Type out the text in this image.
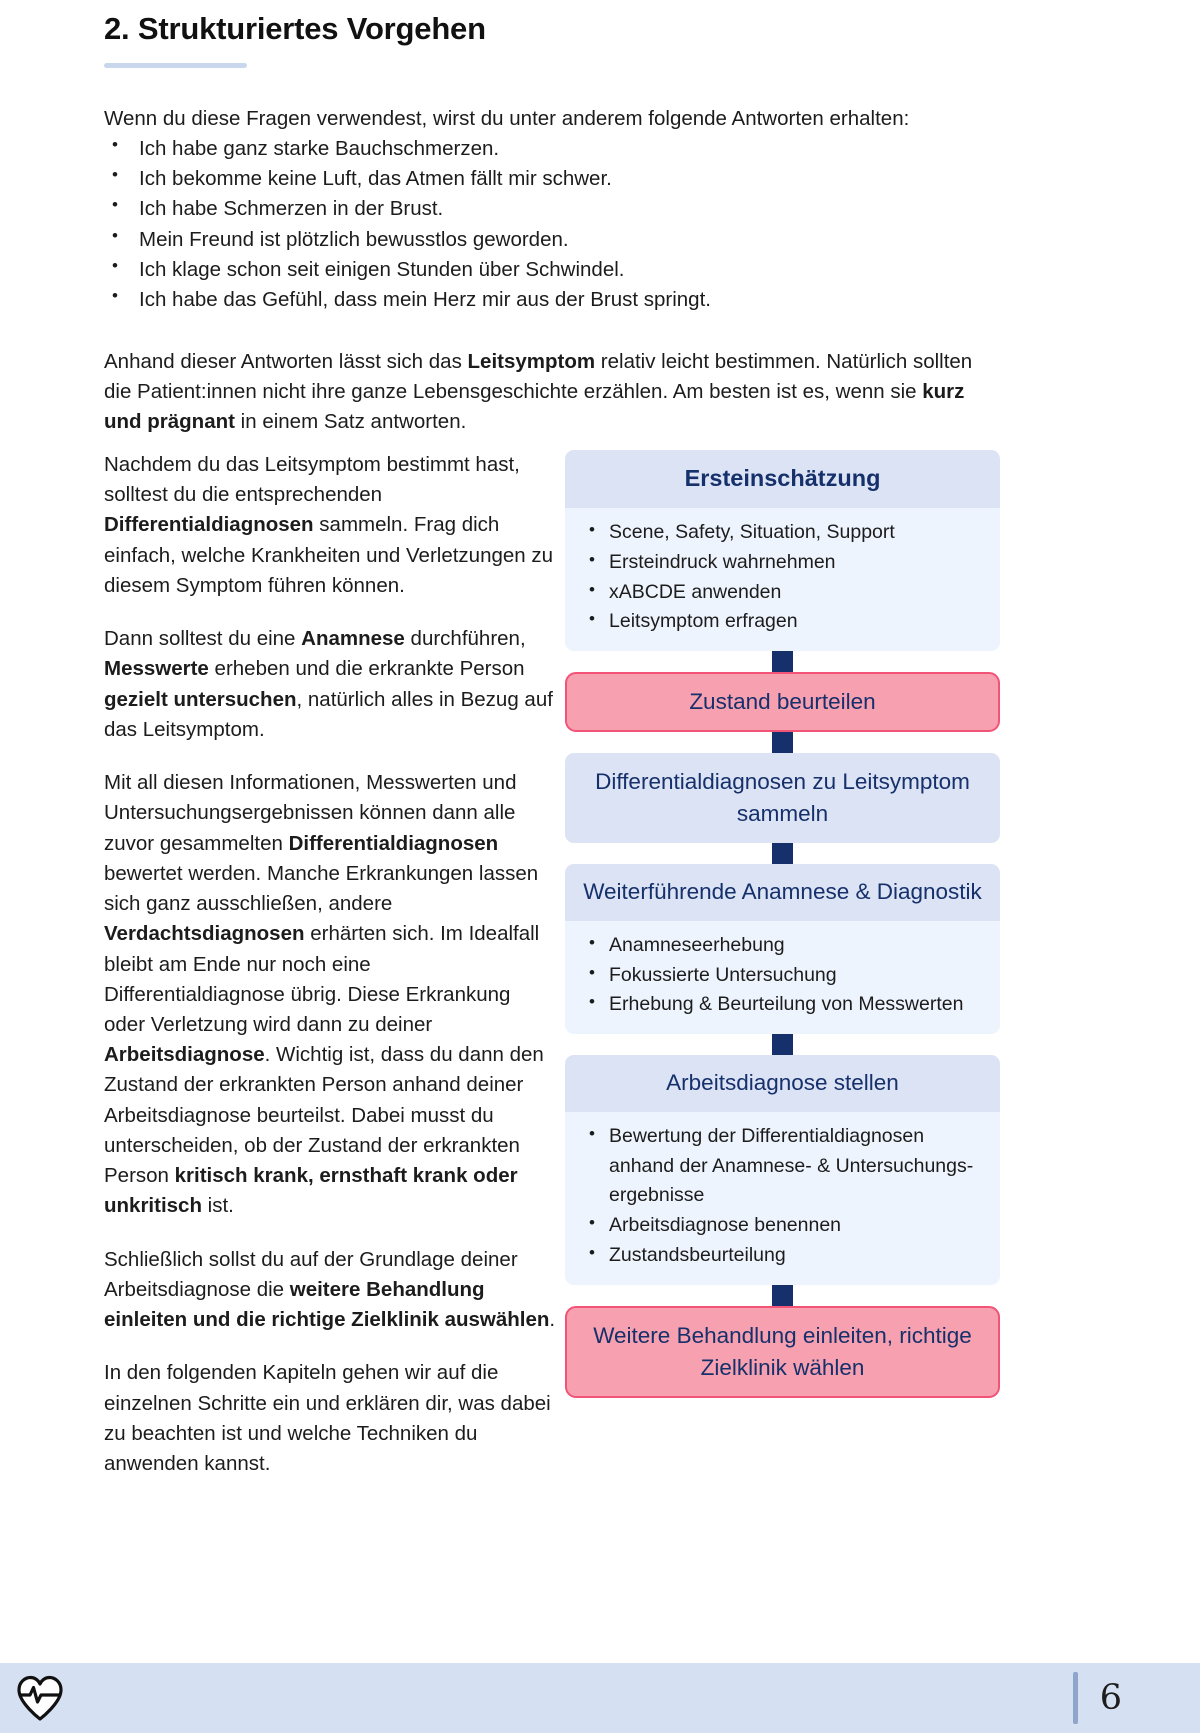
2. Strukturiertes Vorgehen

Wenn du diese Fragen verwendest, wirst du unter anderem folgende Antworten erhalten:

• Ich habe ganz starke Bauchschmerzen.
• Ich bekomme keine Luft, das Atmen fällt mir schwer.
• Ich habe Schmerzen in der Brust.
• Mein Freund ist plötzlich bewusstlos geworden.
• Ich klage schon seit einigen Stunden über Schwindel.
• Ich habe das Gefühl, dass mein Herz mir aus der Brust springt.
Anhand dieser Antworten lässt sich das Leitsymptom relativ leicht bestimmen. Natürlich sollten die Patient:innen nicht ihre ganze Lebensgeschichte erzählen. Am besten ist es, wenn sie kurz und prägnant in einem Satz antworten.

Nachdem du das Leitsymptom bestimmt hast, solltest du die entsprechenden Differentialdiagnosen sammeln. Frag dich einfach, welche Krankheiten und Verletzungen zu diesem Symptom führen können.

Dann solltest du eine Anamnese durchführen, Messwerte erheben und die erkrankte Person gezielt untersuchen, natürlich alles in Bezug auf das Leitsymptom.

Mit all diesen Informationen, Messwerten und Untersuchungsergebnissen können dann alle zuvor gesammelten Differentialdiagnosen bewertet werden. Manche Erkrankungen lassen sich ganz ausschließen, andere Verdachtsdiagnosen erhärten sich. Im Idealfall bleibt am Ende nur noch eine Differentialdiagnose übrig. Diese Erkrankung oder Verletzung wird dann zu deiner Arbeitsdiagnose. Wichtig ist, dass du dann den Zustand der erkrankten Person anhand deiner Arbeitsdiagnose beurteilst. Dabei musst du unterscheiden, ob der Zustand der erkrankten Person kritisch krank, ernsthaft krank oder unkritisch ist.

Schließlich sollst du auf der Grundlage deiner Arbeitsdiagnose die weitere Behandlung einleiten und die richtige Zielklinik auswählen.

In den folgenden Kapiteln gehen wir auf die einzelnen Schritte ein und erklären dir, was dabei zu beachten ist und welche Techniken du anwenden kannst.

Ersteinschätzung
• Scene, Safety, Situation, Support
• Ersteindruck wahrnehmen
• xABCDE anwenden
• Leitsymptom erfragen
Zustand beurteilen
Differentialdiagnosen zu Leitsymptom sammeln
Weiterführende Anamnese & Diagnostik
• Anamneseerhebung
• Fokussierte Untersuchung
• Erhebung & Beurteilung von Messwerten
Arbeitsdiagnose stellen
• Bewertung der Differentialdiagnosen anhand der Anamnese- & Untersuchungs-ergebnisse
• Arbeitsdiagnose benennen
• Zustandsbeurteilung
Weitere Behandlung einleiten, richtige Zielklinik wählen
6
